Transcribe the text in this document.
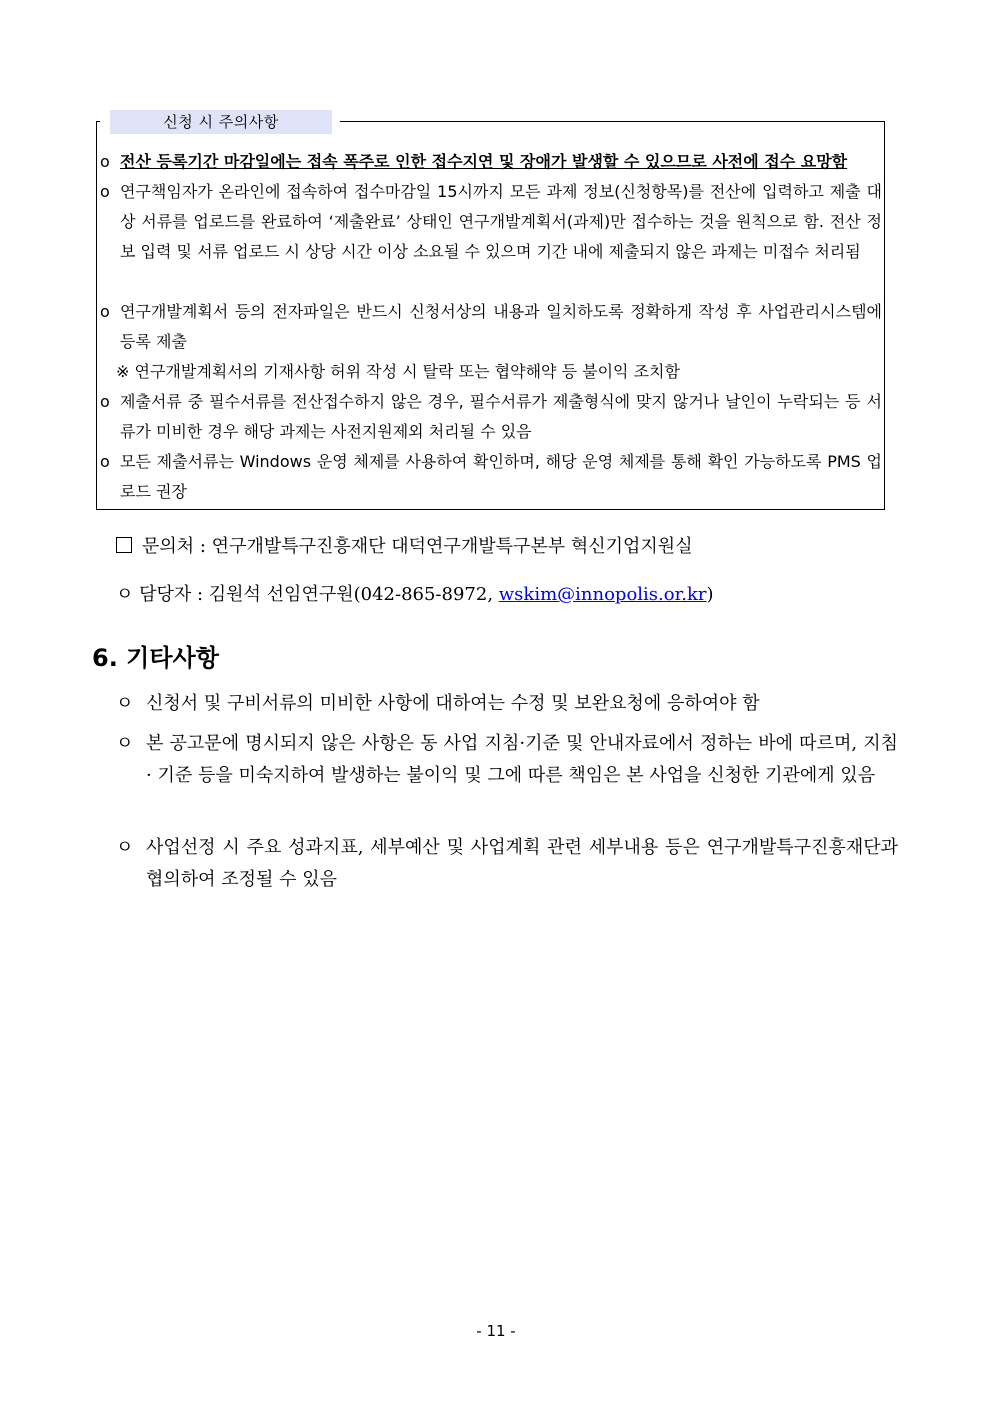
신청 시 주의사항
o 전산 등록기간 마감일에는 접속 폭주로 인한 접수지연 및 장애가 발생할 수 있으므로 사전에 접수 요망함
o 연구책임자가 온라인에 접속하여 접수마감일 15시까지 모든 과제 정보(신청항목)를 전산에 입력하고 제출 대상 서류를 업로드를 완료하여 ‘제출완료’ 상태인 연구개발계획서(과제)만 접수하는 것을 원칙으로 함. 전산 정보 입력 및 서류 업로드 시 상당 시간 이상 소요될 수 있으며 기간 내에 제출되지 않은 과제는 미접수 처리됨
o 연구개발계획서 등의 전자파일은 반드시 신청서상의 내용과 일치하도록 정확하게 작성 후 사업관리시스템에 등록 제출
※ 연구개발계획서의 기재사항 허위 작성 시 탈락 또는 협약해약 등 불이익 조치함
o 제출서류 중 필수서류를 전산접수하지 않은 경우, 필수서류가 제출형식에 맞지 않거나 날인이 누락되는 등 서류가 미비한 경우 해당 과제는 사전지원제외 처리될 수 있음
o 모든 제출서류는 Windows 운영 체제를 사용하여 확인하며, 해당 운영 체제를 통해 확인 가능하도록 PMS 업로드 권장
문의처 : 연구개발특구진흥재단 대덕연구개발특구본부 혁신기업지원실
ㅇ 담당자 : 김원석 선임연구원(042-865-8972, wskim@innopolis.or.kr)
6. 기타사항
ㅇ 신청서 및 구비서류의 미비한 사항에 대하여는 수정 및 보완요청에 응하여야 함
ㅇ 본 공고문에 명시되지 않은 사항은 동 사업 지침·기준 및 안내자료에서 정하는 바에 따르며, 지침 · 기준 등을 미숙지하여 발생하는 불이익 및 그에 따른 책임은 본 사업을 신청한 기관에게 있음
ㅇ 사업선정 시 주요 성과지표, 세부예산 및 사업계획 관련 세부내용 등은 연구개발특구진흥재단과 협의하여 조정될 수 있음
- 11 -
